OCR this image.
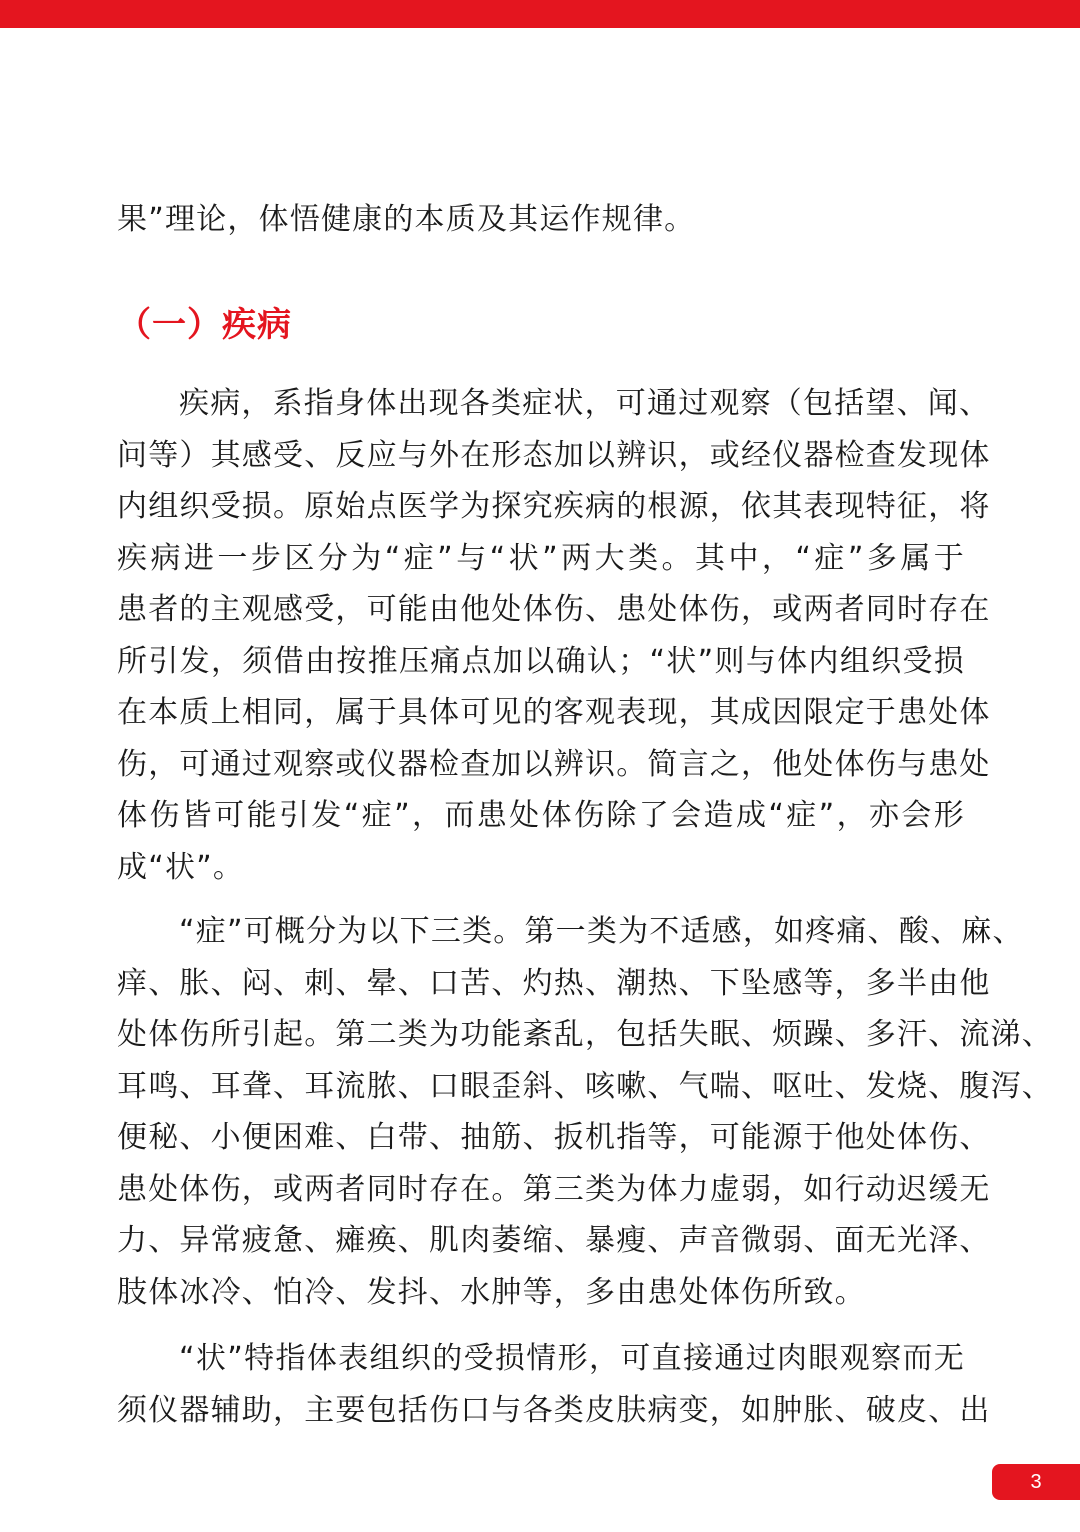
果”理论，体悟健康的本质及其运作规律。

（一）疾病

疾病，系指身体出现各类症状，可通过观察（包括望、闻、

问等）其感受、反应与外在形态加以辨识，或经仪器检查发现体

内组织受损。原始点医学为探究疾病的根源，依其表现特征，将

疾病进一步区分为“症”与“状”两大类。其中，“症”多属于

患者的主观感受，可能由他处体伤、患处体伤，或两者同时存在

所引发，须借由按推压痛点加以确认；“状”则与体内组织受损

在本质上相同，属于具体可见的客观表现，其成因限定于患处体

伤，可通过观察或仪器检查加以辨识。简言之，他处体伤与患处

体伤皆可能引发“症”，而患处体伤除了会造成“症”，亦会形

成“状”。

“症”可概分为以下三类。第一类为不适感，如疼痛、酸、麻、

痒、胀、闷、刺、晕、口苦、灼热、潮热、下坠感等，多半由他

处体伤所引起。第二类为功能紊乱，包括失眠、烦躁、多汗、流涕、

耳鸣、耳聋、耳流脓、口眼歪斜、咳嗽、气喘、呕吐、发烧、腹泻、

便秘、小便困难、白带、抽筋、扳机指等，可能源于他处体伤、

患处体伤，或两者同时存在。第三类为体力虚弱，如行动迟缓无

力、异常疲惫、瘫痪、肌肉萎缩、暴瘦、声音微弱、面无光泽、

肢体冰冷、怕冷、发抖、水肿等，多由患处体伤所致。

“状”特指体表组织的受损情形，可直接通过肉眼观察而无

须仪器辅助，主要包括伤口与各类皮肤病变，如肿胀、破皮、出

3
